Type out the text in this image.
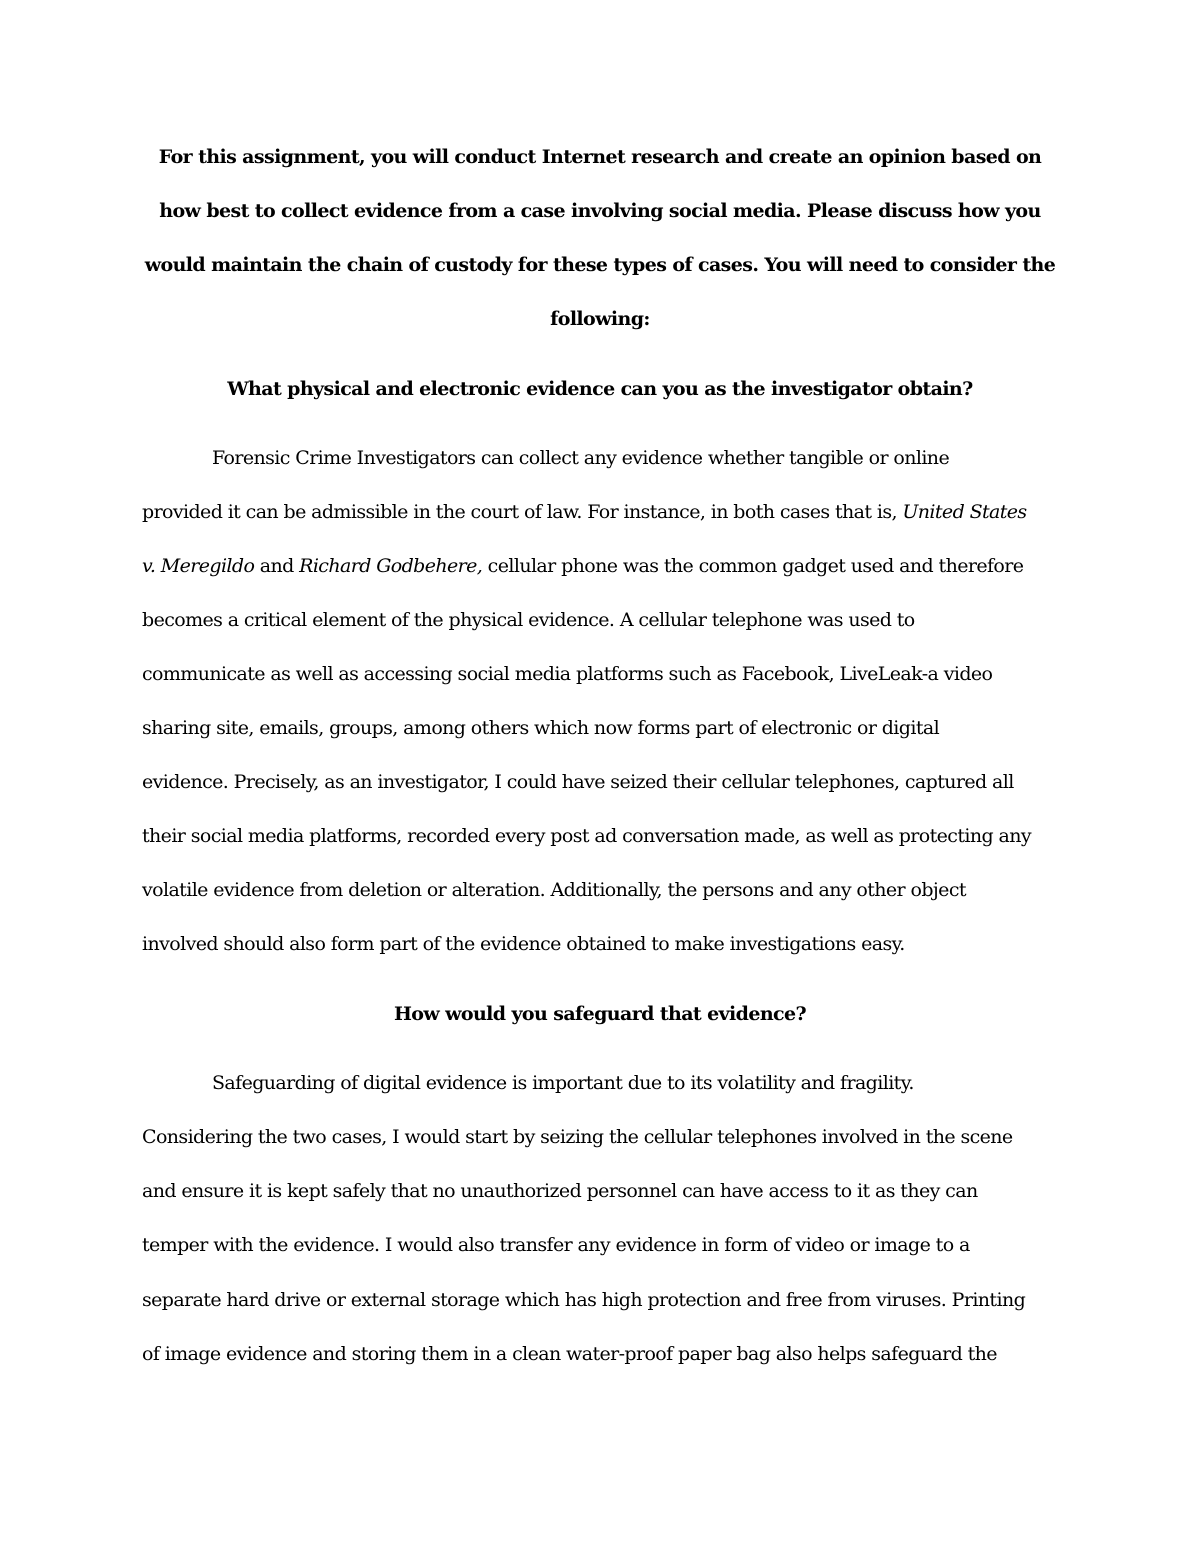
For this assignment, you will conduct Internet research and create an opinion based on

how best to collect evidence from a case involving social media. Please discuss how you

would maintain the chain of custody for these types of cases. You will need to consider the

following:

What physical and electronic evidence can you as the investigator obtain?

Forensic Crime Investigators can collect any evidence whether tangible or online

provided it can be admissible in the court of law. For instance, in both cases that is, United States

v. Meregildo and Richard Godbehere, cellular phone was the common gadget used and therefore

becomes a critical element of the physical evidence. A cellular telephone was used to

communicate as well as accessing social media platforms such as Facebook, LiveLeak-a video

sharing site, emails, groups, among others which now forms part of electronic or digital

evidence. Precisely, as an investigator, I could have seized their cellular telephones, captured all

their social media platforms, recorded every post ad conversation made, as well as protecting any

volatile evidence from deletion or alteration. Additionally, the persons and any other object

involved should also form part of the evidence obtained to make investigations easy.

How would you safeguard that evidence?

Safeguarding of digital evidence is important due to its volatility and fragility.

Considering the two cases, I would start by seizing the cellular telephones involved in the scene

and ensure it is kept safely that no unauthorized personnel can have access to it as they can

temper with the evidence. I would also transfer any evidence in form of video or image to a

separate hard drive or external storage which has high protection and free from viruses. Printing

of image evidence and storing them in a clean water-proof paper bag also helps safeguard the
